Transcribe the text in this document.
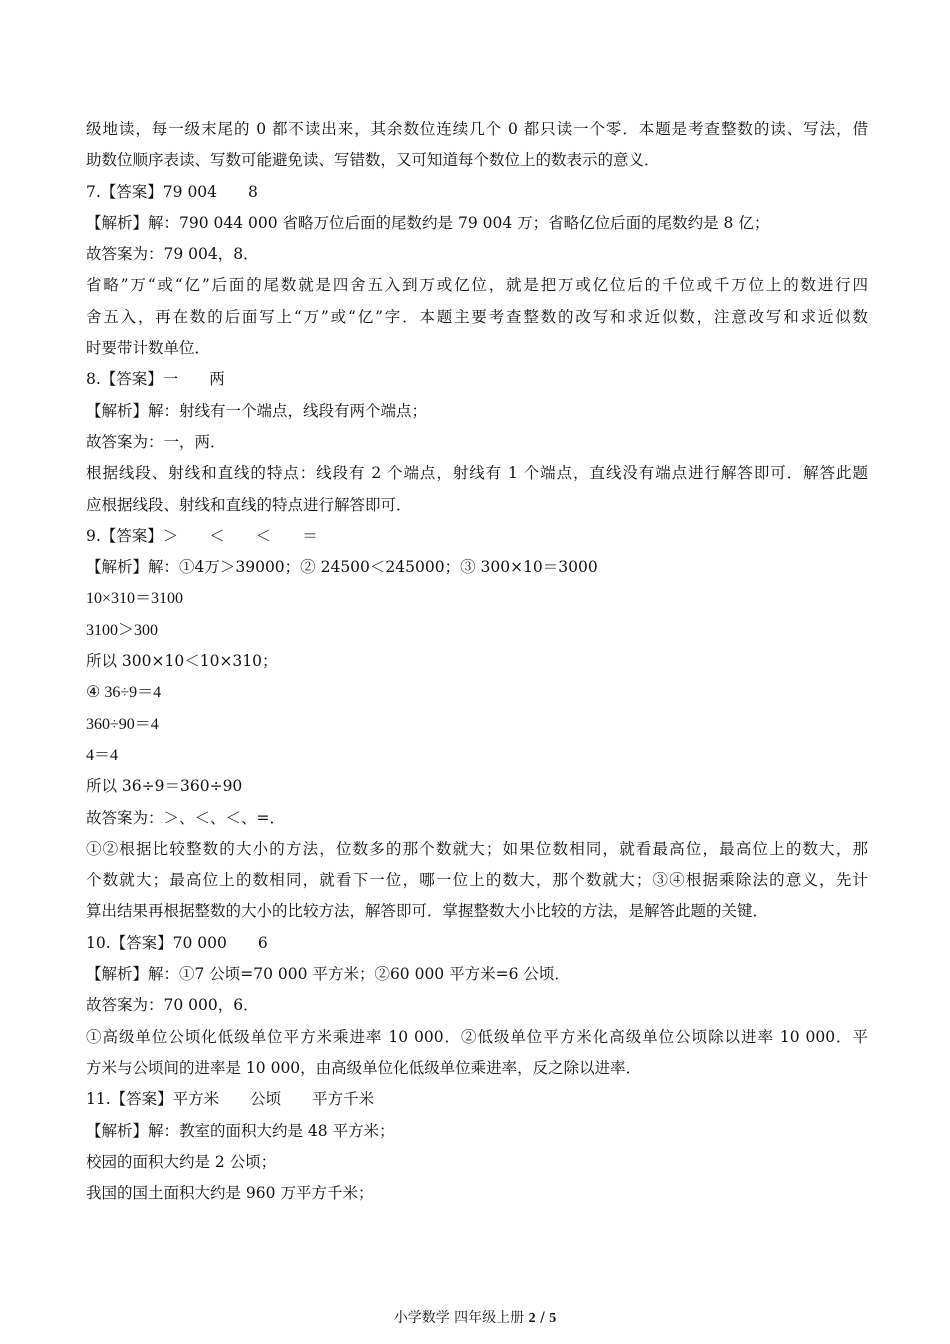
级地读，每一级末尾的 0 都不读出来，其余数位连续几个 0 都只读一个零．本题是考查整数的读、写法，借
助数位顺序表读、写数可能避免读、写错数，又可知道每个数位上的数表示的意义．
7.【答案】79 004　　8
【解析】解：790 044 000 省略万位后面的尾数约是 79 004 万；省略亿位后面的尾数约是 8 亿；
故答案为：79 004，8．
省略”万“或“亿”后面的尾数就是四舍五入到万或亿位，就是把万或亿位后的千位或千万位上的数进行四
舍五入，再在数的后面写上“万”或“亿”字．本题主要考查整数的改写和求近似数，注意改写和求近似数
时要带计数单位．
8.【答案】一　　两
【解析】解：射线有一个端点，线段有两个端点；
故答案为：一，两．
根据线段、射线和直线的特点：线段有 2 个端点，射线有 1 个端点，直线没有端点进行解答即可．解答此题
应根据线段、射线和直线的特点进行解答即可．
9.【答案】＞　　＜　　＜　　＝
【解析】解：①4万＞39000；② 24500＜245000；③ 300×10＝3000
10×310＝3100
3100＞300
所以 300×10＜10×310；
④ 36÷9＝4
360÷90＝4
4＝4
所以 36÷9＝360÷90
故答案为：＞、＜、＜、=．
①②根据比较整数的大小的方法，位数多的那个数就大；如果位数相同，就看最高位，最高位上的数大，那
个数就大；最高位上的数相同，就看下一位，哪一位上的数大，那个数就大；③④根据乘除法的意义，先计
算出结果再根据整数的大小的比较方法，解答即可．掌握整数大小比较的方法，是解答此题的关键．
10.【答案】70 000　　6
【解析】解：①7 公顷=70 000 平方米；②60 000 平方米=6 公顷．
故答案为：70 000，6．
①高级单位公顷化低级单位平方米乘进率 10 000．②低级单位平方米化高级单位公顷除以进率 10 000．平
方米与公顷间的进率是 10 000，由高级单位化低级单位乘进率，反之除以进率．
11.【答案】平方米　　公顷　　平方千米
【解析】解：教室的面积大约是 48 平方米；
校园的面积大约是 2 公顷；
我国的国土面积大约是 960 万平方千米；
小学数学 四年级上册 2 / 5
